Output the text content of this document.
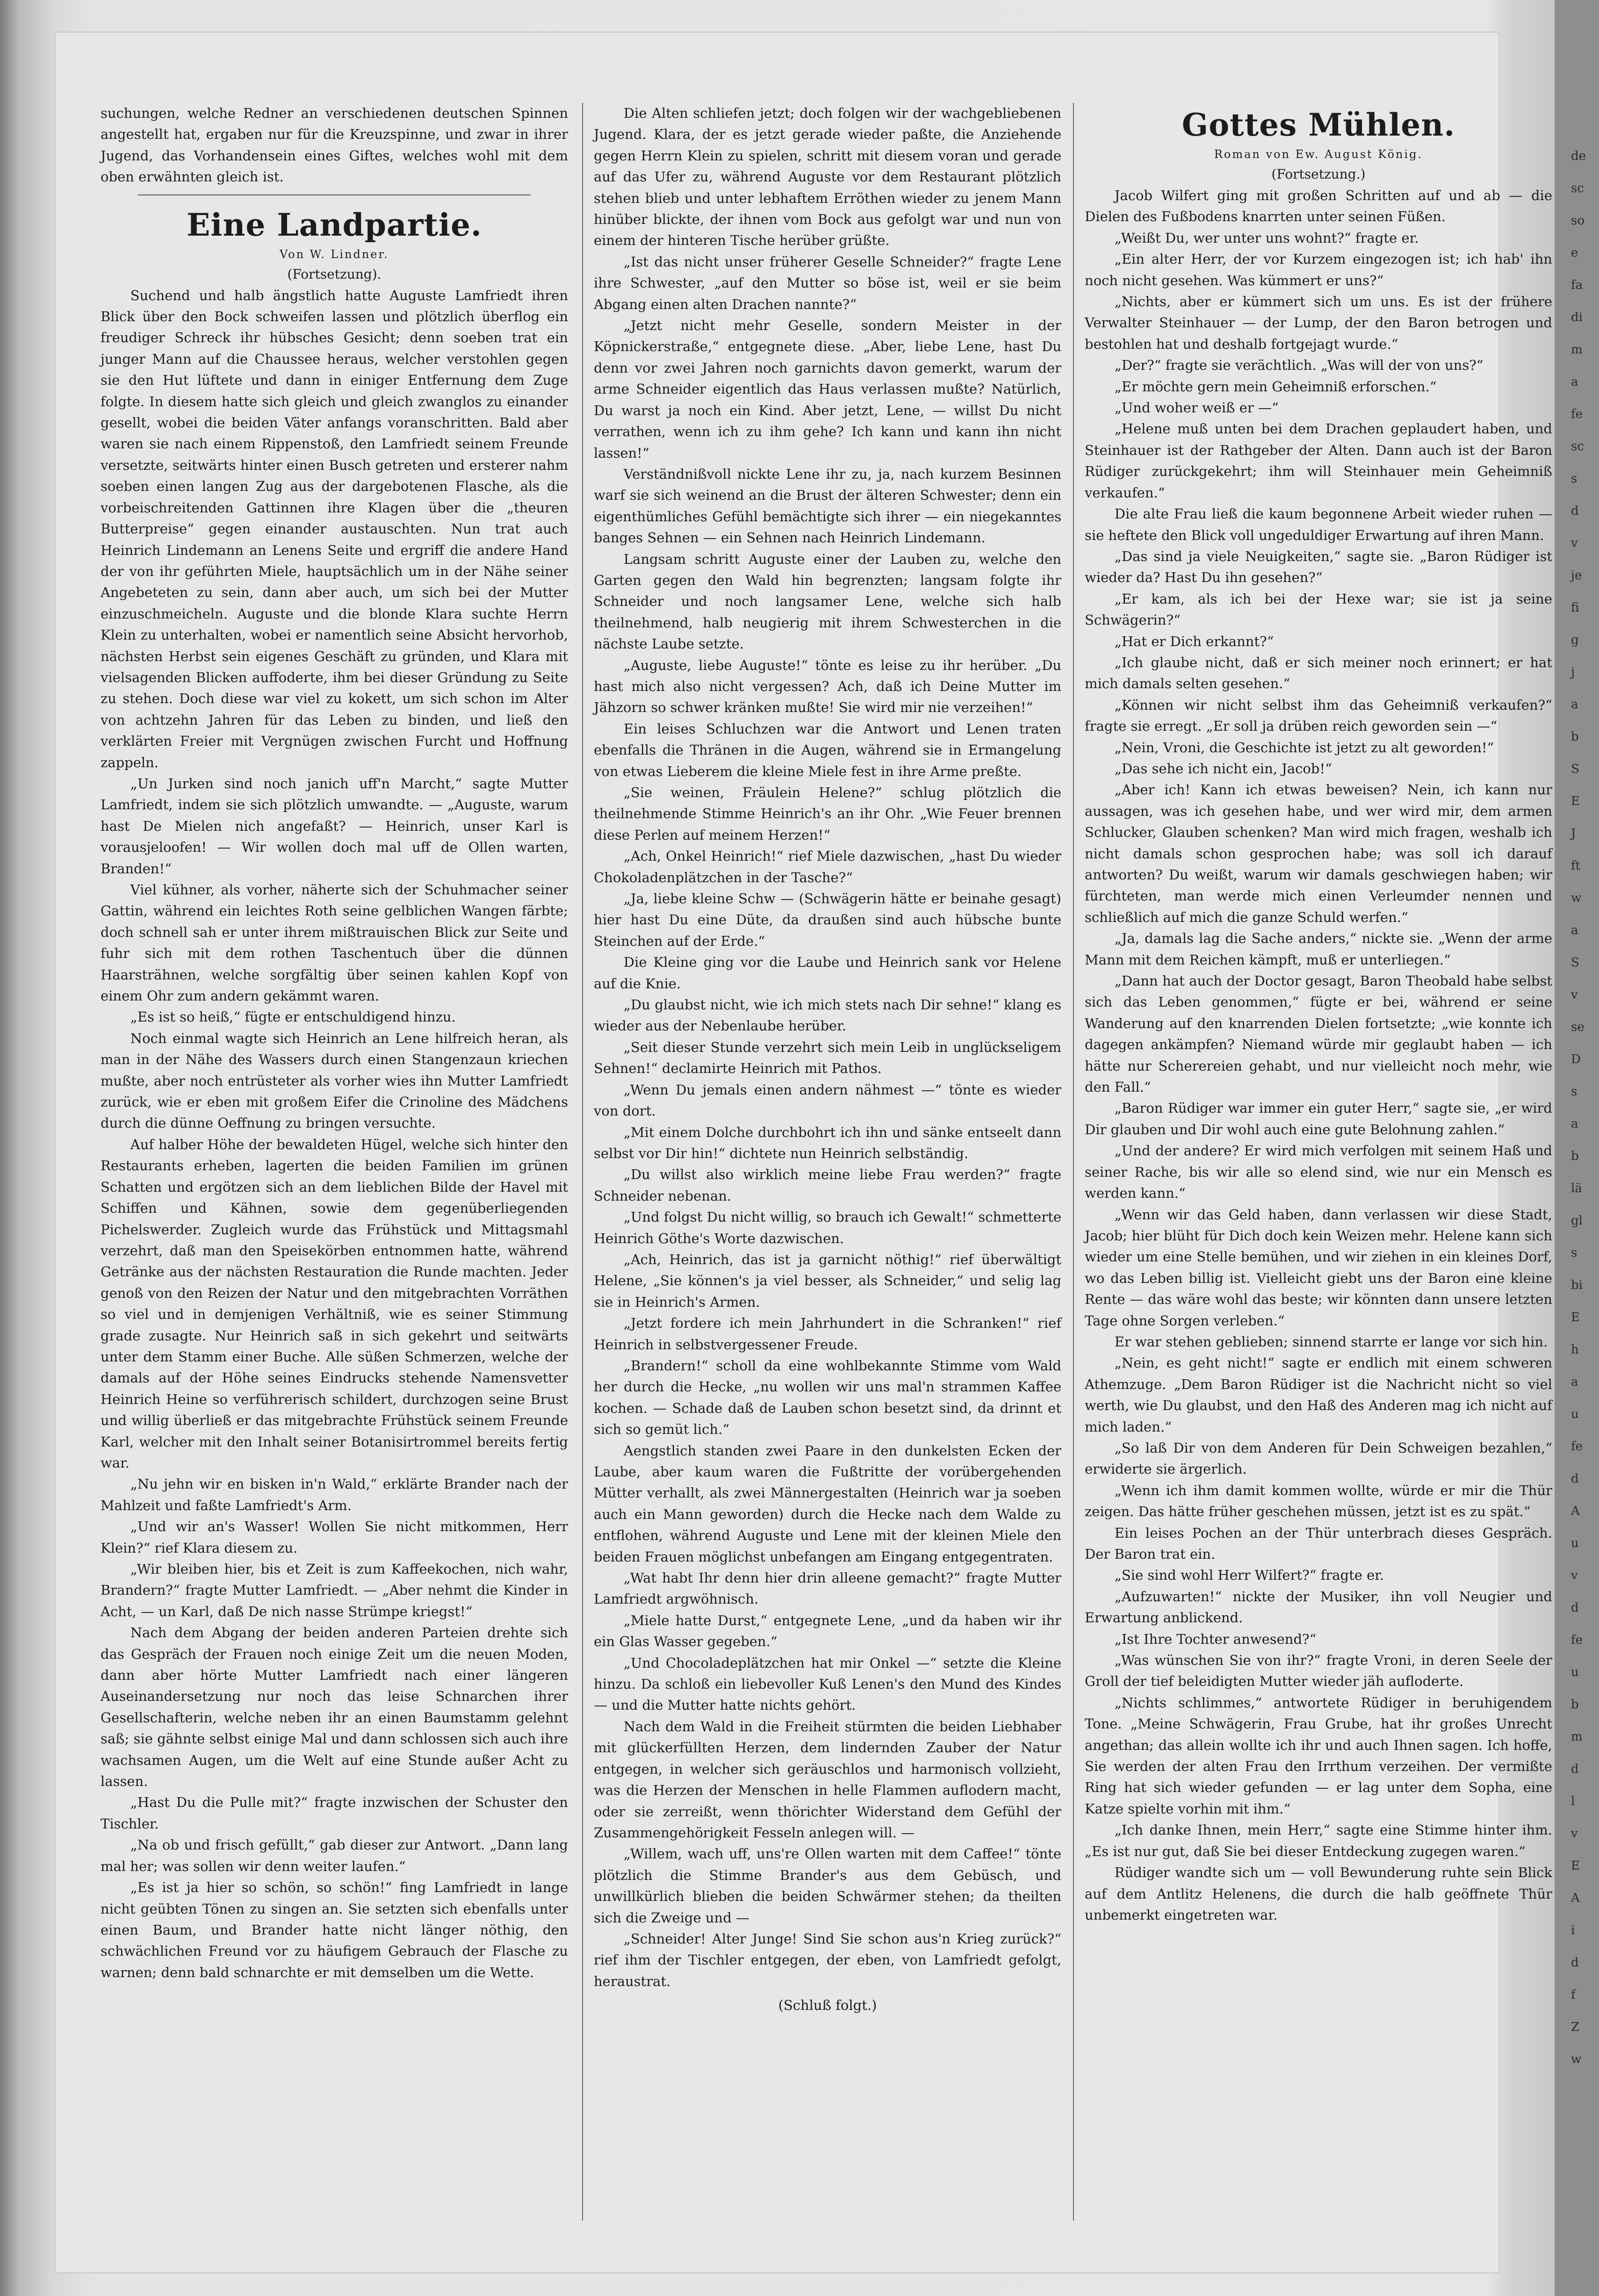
suchungen, welche Redner an verschiedenen deutschen Spinnen angestellt hat, ergaben nur für die Kreuzspinne, und zwar in ihrer Jugend, das Vorhandensein eines Giftes, welches wohl mit dem oben erwähnten gleich ist.

Eine Landpartie.
Von W. Lindner.
(Fortsetzung).

Suchend und halb ängstlich hatte Auguste Lamfriedt ihren Blick über den Bock schweifen lassen und plötzlich überflog ein freudiger Schreck ihr hübsches Gesicht; denn soeben trat ein junger Mann auf die Chaussee heraus, welcher verstohlen gegen sie den Hut lüftete und dann in einiger Entfernung dem Zuge folgte. In diesem hatte sich gleich und gleich zwanglos zu einander gesellt, wobei die beiden Väter anfangs voranschritten. Bald aber waren sie nach einem Rippenstoß, den Lamfriedt seinem Freunde versetzte, seitwärts hinter einen Busch getreten und ersterer nahm soeben einen langen Zug aus der dargebotenen Flasche, als die vorbeischreitenden Gattinnen ihre Klagen über die „theuren Butterpreise“ gegen einander austauschten. Nun trat auch Heinrich Lindemann an Lenens Seite und ergriff die andere Hand der von ihr geführten Miele, hauptsächlich um in der Nähe seiner Angebeteten zu sein, dann aber auch, um sich bei der Mutter einzuschmeicheln. Auguste und die blonde Klara suchte Herrn Klein zu unterhalten, wobei er namentlich seine Absicht hervorhob, nächsten Herbst sein eigenes Geschäft zu gründen, und Klara mit vielsagenden Blicken auffoderte, ihm bei dieser Gründung zu Seite zu stehen. Doch diese war viel zu kokett, um sich schon im Alter von achtzehn Jahren für das Leben zu binden, und ließ den verklärten Freier mit Vergnügen zwischen Furcht und Hoffnung zappeln.

„Un Jurken sind noch janich uff'n Marcht,“ sagte Mutter Lamfriedt, indem sie sich plötzlich umwandte. — „Auguste, warum hast De Mielen nich angefaßt? — Heinrich, unser Karl is vorausjeloofen! — Wir wollen doch mal uff de Ollen warten, Branden!“

Viel kühner, als vorher, näherte sich der Schuhmacher seiner Gattin, während ein leichtes Roth seine gelblichen Wangen färbte; doch schnell sah er unter ihrem mißtrauischen Blick zur Seite und fuhr sich mit dem rothen Taschentuch über die dünnen Haarsträhnen, welche sorgfältig über seinen kahlen Kopf von einem Ohr zum andern gekämmt waren.

„Es ist so heiß,“ fügte er entschuldigend hinzu.

Noch einmal wagte sich Heinrich an Lene hilfreich heran, als man in der Nähe des Wassers durch einen Stangenzaun kriechen mußte, aber noch entrüsteter als vorher wies ihn Mutter Lamfriedt zurück, wie er eben mit großem Eifer die Crinoline des Mädchens durch die dünne Oeffnung zu bringen versuchte.

Auf halber Höhe der bewaldeten Hügel, welche sich hinter den Restaurants erheben, lagerten die beiden Familien im grünen Schatten und ergötzen sich an dem lieblichen Bilde der Havel mit Schiffen und Kähnen, sowie dem gegenüberliegenden Pichelswerder. Zugleich wurde das Frühstück und Mittagsmahl verzehrt, daß man den Speisekörben entnommen hatte, während Getränke aus der nächsten Restauration die Runde machten. Jeder genoß von den Reizen der Natur und den mitgebrachten Vorräthen so viel und in demjenigen Verhältniß, wie es seiner Stimmung grade zusagte. Nur Heinrich saß in sich gekehrt und seitwärts unter dem Stamm einer Buche. Alle süßen Schmerzen, welche der damals auf der Höhe seines Eindrucks stehende Namensvetter Heinrich Heine so verführerisch schildert, durchzogen seine Brust und willig überließ er das mitgebrachte Frühstück seinem Freunde Karl, welcher mit den Inhalt seiner Botanisirtrommel bereits fertig war.

„Nu jehn wir en bisken in'n Wald,“ erklärte Brander nach der Mahlzeit und faßte Lamfriedt's Arm.

„Und wir an's Wasser! Wollen Sie nicht mitkommen, Herr Klein?“ rief Klara diesem zu.

„Wir bleiben hier, bis et Zeit is zum Kaffeekochen, nich wahr, Brandern?“ fragte Mutter Lamfriedt. — „Aber nehmt die Kinder in Acht, — un Karl, daß De nich nasse Strümpe kriegst!“

Nach dem Abgang der beiden anderen Parteien drehte sich das Gespräch der Frauen noch einige Zeit um die neuen Moden, dann aber hörte Mutter Lamfriedt nach einer längeren Auseinandersetzung nur noch das leise Schnarchen ihrer Gesellschafterin, welche neben ihr an einen Baumstamm gelehnt saß; sie gähnte selbst einige Mal und dann schlossen sich auch ihre wachsamen Augen, um die Welt auf eine Stunde außer Acht zu lassen.

„Hast Du die Pulle mit?“ fragte inzwischen der Schuster den Tischler.

„Na ob und frisch gefüllt,“ gab dieser zur Antwort. „Dann lang mal her; was sollen wir denn weiter laufen.“

„Es ist ja hier so schön, so schön!“ fing Lamfriedt in lange nicht geübten Tönen zu singen an. Sie setzten sich ebenfalls unter einen Baum, und Brander hatte nicht länger nöthig, den schwächlichen Freund vor zu häufigem Gebrauch der Flasche zu warnen; denn bald schnarchte er mit demselben um die Wette.

Die Alten schliefen jetzt; doch folgen wir der wachgebliebenen Jugend. Klara, der es jetzt gerade wieder paßte, die Anziehende gegen Herrn Klein zu spielen, schritt mit diesem voran und gerade auf das Ufer zu, während Auguste vor dem Restaurant plötzlich stehen blieb und unter lebhaftem Erröthen wieder zu jenem Mann hinüber blickte, der ihnen vom Bock aus gefolgt war und nun von einem der hinteren Tische herüber grüßte.

„Ist das nicht unser früherer Geselle Schneider?“ fragte Lene ihre Schwester, „auf den Mutter so böse ist, weil er sie beim Abgang einen alten Drachen nannte?“

„Jetzt nicht mehr Geselle, sondern Meister in der Köpnickerstraße,“ entgegnete diese. „Aber, liebe Lene, hast Du denn vor zwei Jahren noch garnichts davon gemerkt, warum der arme Schneider eigentlich das Haus verlassen mußte? Natürlich, Du warst ja noch ein Kind. Aber jetzt, Lene, — willst Du nicht verrathen, wenn ich zu ihm gehe? Ich kann und kann ihn nicht lassen!“

Verständnißvoll nickte Lene ihr zu, ja, nach kurzem Besinnen warf sie sich weinend an die Brust der älteren Schwester; denn ein eigenthümliches Gefühl bemächtigte sich ihrer — ein niegekanntes banges Sehnen — ein Sehnen nach Heinrich Lindemann.

Langsam schritt Auguste einer der Lauben zu, welche den Garten gegen den Wald hin begrenzten; langsam folgte ihr Schneider und noch langsamer Lene, welche sich halb theilnehmend, halb neugierig mit ihrem Schwesterchen in die nächste Laube setzte.

„Auguste, liebe Auguste!“ tönte es leise zu ihr herüber. „Du hast mich also nicht vergessen? Ach, daß ich Deine Mutter im Jähzorn so schwer kränken mußte! Sie wird mir nie verzeihen!“

Ein leises Schluchzen war die Antwort und Lenen traten ebenfalls die Thränen in die Augen, während sie in Ermangelung von etwas Lieberem die kleine Miele fest in ihre Arme preßte.

„Sie weinen, Fräulein Helene?“ schlug plötzlich die theilnehmende Stimme Heinrich's an ihr Ohr. „Wie Feuer brennen diese Perlen auf meinem Herzen!“

„Ach, Onkel Heinrich!“ rief Miele dazwischen, „hast Du wieder Chokoladenplätzchen in der Tasche?“

„Ja, liebe kleine Schw — (Schwägerin hätte er beinahe gesagt) hier hast Du eine Düte, da draußen sind auch hübsche bunte Steinchen auf der Erde.“

Die Kleine ging vor die Laube und Heinrich sank vor Helene auf die Knie.

„Du glaubst nicht, wie ich mich stets nach Dir sehne!“ klang es wieder aus der Nebenlaube herüber.

„Seit dieser Stunde verzehrt sich mein Leib in unglückseligem Sehnen!“ declamirte Heinrich mit Pathos.

„Wenn Du jemals einen andern nähmest —“ tönte es wieder von dort.

„Mit einem Dolche durchbohrt ich ihn und sänke entseelt dann selbst vor Dir hin!“ dichtete nun Heinrich selbständig.

„Du willst also wirklich meine liebe Frau werden?“ fragte Schneider nebenan.

„Und folgst Du nicht willig, so brauch ich Gewalt!“ schmetterte Heinrich Göthe's Worte dazwischen.

„Ach, Heinrich, das ist ja garnicht nöthig!“ rief überwältigt Helene, „Sie können's ja viel besser, als Schneider,“ und selig lag sie in Heinrich's Armen.

„Jetzt fordere ich mein Jahrhundert in die Schranken!“ rief Heinrich in selbstvergessener Freude.

„Brandern!“ scholl da eine wohlbekannte Stimme vom Wald her durch die Hecke, „nu wollen wir uns mal'n strammen Kaffee kochen. — Schade daß de Lauben schon besetzt sind, da drinnt et sich so gemüt lich.“

Aengstlich standen zwei Paare in den dunkelsten Ecken der Laube, aber kaum waren die Fußtritte der vorübergehenden Mütter verhallt, als zwei Männergestalten (Heinrich war ja soeben auch ein Mann geworden) durch die Hecke nach dem Walde zu entflohen, während Auguste und Lene mit der kleinen Miele den beiden Frauen möglichst unbefangen am Eingang entgegentraten.

„Wat habt Ihr denn hier drin alleene gemacht?“ fragte Mutter Lamfriedt argwöhnisch.

„Miele hatte Durst,“ entgegnete Lene, „und da haben wir ihr ein Glas Wasser gegeben.“

„Und Chocoladeplätzchen hat mir Onkel —“ setzte die Kleine hinzu. Da schloß ein liebevoller Kuß Lenen's den Mund des Kindes — und die Mutter hatte nichts gehört.

Nach dem Wald in die Freiheit stürmten die beiden Liebhaber mit glückerfüllten Herzen, dem lindernden Zauber der Natur entgegen, in welcher sich geräuschlos und harmonisch vollzieht, was die Herzen der Menschen in helle Flammen auflodern macht, oder sie zerreißt, wenn thörichter Widerstand dem Gefühl der Zusammengehörigkeit Fesseln anlegen will. —

„Willem, wach uff, uns're Ollen warten mit dem Caffee!“ tönte plötzlich die Stimme Brander's aus dem Gebüsch, und unwillkürlich blieben die beiden Schwärmer stehen; da theilten sich die Zweige und —

„Schneider! Alter Junge! Sind Sie schon aus'n Krieg zurück?“ rief ihm der Tischler entgegen, der eben, von Lamfriedt gefolgt, heraustrat.

(Schluß folgt.)
Gottes Mühlen.
Roman von Ew. August König.
(Fortsetzung.)

Jacob Wilfert ging mit großen Schritten auf und ab — die Dielen des Fußbodens knarrten unter seinen Füßen.

„Weißt Du, wer unter uns wohnt?“ fragte er.

„Ein alter Herr, der vor Kurzem eingezogen ist; ich hab' ihn noch nicht gesehen. Was kümmert er uns?“

„Nichts, aber er kümmert sich um uns. Es ist der frühere Verwalter Steinhauer — der Lump, der den Baron betrogen und bestohlen hat und deshalb fortgejagt wurde.“

„Der?“ fragte sie verächtlich. „Was will der von uns?“

„Er möchte gern mein Geheimniß erforschen.“

„Und woher weiß er —“

„Helene muß unten bei dem Drachen geplaudert haben, und Steinhauer ist der Rathgeber der Alten. Dann auch ist der Baron Rüdiger zurückgekehrt; ihm will Steinhauer mein Geheimniß verkaufen.“

Die alte Frau ließ die kaum begonnene Arbeit wieder ruhen — sie heftete den Blick voll ungeduldiger Erwartung auf ihren Mann.

„Das sind ja viele Neuigkeiten,“ sagte sie. „Baron Rüdiger ist wieder da? Hast Du ihn gesehen?“

„Er kam, als ich bei der Hexe war; sie ist ja seine Schwägerin?“

„Hat er Dich erkannt?“

„Ich glaube nicht, daß er sich meiner noch erinnert; er hat mich damals selten gesehen.“

„Können wir nicht selbst ihm das Geheimniß verkaufen?“ fragte sie erregt. „Er soll ja drüben reich geworden sein —“

„Nein, Vroni, die Geschichte ist jetzt zu alt geworden!“

„Das sehe ich nicht ein, Jacob!“

„Aber ich! Kann ich etwas beweisen? Nein, ich kann nur aussagen, was ich gesehen habe, und wer wird mir, dem armen Schlucker, Glauben schenken? Man wird mich fragen, weshalb ich nicht damals schon gesprochen habe; was soll ich darauf antworten? Du weißt, warum wir damals geschwiegen haben; wir fürchteten, man werde mich einen Verleumder nennen und schließlich auf mich die ganze Schuld werfen.“

„Ja, damals lag die Sache anders,“ nickte sie. „Wenn der arme Mann mit dem Reichen kämpft, muß er unterliegen.“

„Dann hat auch der Doctor gesagt, Baron Theobald habe selbst sich das Leben genommen,“ fügte er bei, während er seine Wanderung auf den knarrenden Dielen fortsetzte; „wie konnte ich dagegen ankämpfen? Niemand würde mir geglaubt haben — ich hätte nur Scherereien gehabt, und nur vielleicht noch mehr, wie den Fall.“

„Baron Rüdiger war immer ein guter Herr,“ sagte sie, „er wird Dir glauben und Dir wohl auch eine gute Belohnung zahlen.“

„Und der andere? Er wird mich verfolgen mit seinem Haß und seiner Rache, bis wir alle so elend sind, wie nur ein Mensch es werden kann.“

„Wenn wir das Geld haben, dann verlassen wir diese Stadt, Jacob; hier blüht für Dich doch kein Weizen mehr. Helene kann sich wieder um eine Stelle bemühen, und wir ziehen in ein kleines Dorf, wo das Leben billig ist. Vielleicht giebt uns der Baron eine kleine Rente — das wäre wohl das beste; wir könnten dann unsere letzten Tage ohne Sorgen verleben.“

Er war stehen geblieben; sinnend starrte er lange vor sich hin.

„Nein, es geht nicht!“ sagte er endlich mit einem schweren Athemzuge. „Dem Baron Rüdiger ist die Nachricht nicht so viel werth, wie Du glaubst, und den Haß des Anderen mag ich nicht auf mich laden.“

„So laß Dir von dem Anderen für Dein Schweigen bezahlen,“ erwiderte sie ärgerlich.

„Wenn ich ihm damit kommen wollte, würde er mir die Thür zeigen. Das hätte früher geschehen müssen, jetzt ist es zu spät.“

Ein leises Pochen an der Thür unterbrach dieses Gespräch. Der Baron trat ein.

„Sie sind wohl Herr Wilfert?“ fragte er.

„Aufzuwarten!“ nickte der Musiker, ihn voll Neugier und Erwartung anblickend.

„Ist Ihre Tochter anwesend?“

„Was wünschen Sie von ihr?“ fragte Vroni, in deren Seele der Groll der tief beleidigten Mutter wieder jäh aufloderte.

„Nichts schlimmes,“ antwortete Rüdiger in beruhigendem Tone. „Meine Schwägerin, Frau Grube, hat ihr großes Unrecht angethan; das allein wollte ich ihr und auch Ihnen sagen. Ich hoffe, Sie werden der alten Frau den Irrthum verzeihen. Der vermißte Ring hat sich wieder gefunden — er lag unter dem Sopha, eine Katze spielte vorhin mit ihm.“

„Ich danke Ihnen, mein Herr,“ sagte eine Stimme hinter ihm. „Es ist nur gut, daß Sie bei dieser Entdeckung zugegen waren.“

Rüdiger wandte sich um — voll Bewunderung ruhte sein Blick auf dem Antlitz Helenens, die durch die halb geöffnete Thür unbemerkt eingetreten war.

de
sc
so
e
fa
di
m
a
fe
sc
s
d
v
je
fi
g
j
a
b
S
E
J
ft
w
a
S
v
se
D
s
a
b
lä
gl
s
bi
E
h
a
u
fe
d
A
u
v
d
fe
u
b
m
d
l
v
E
A
i
d
f
Z
w
